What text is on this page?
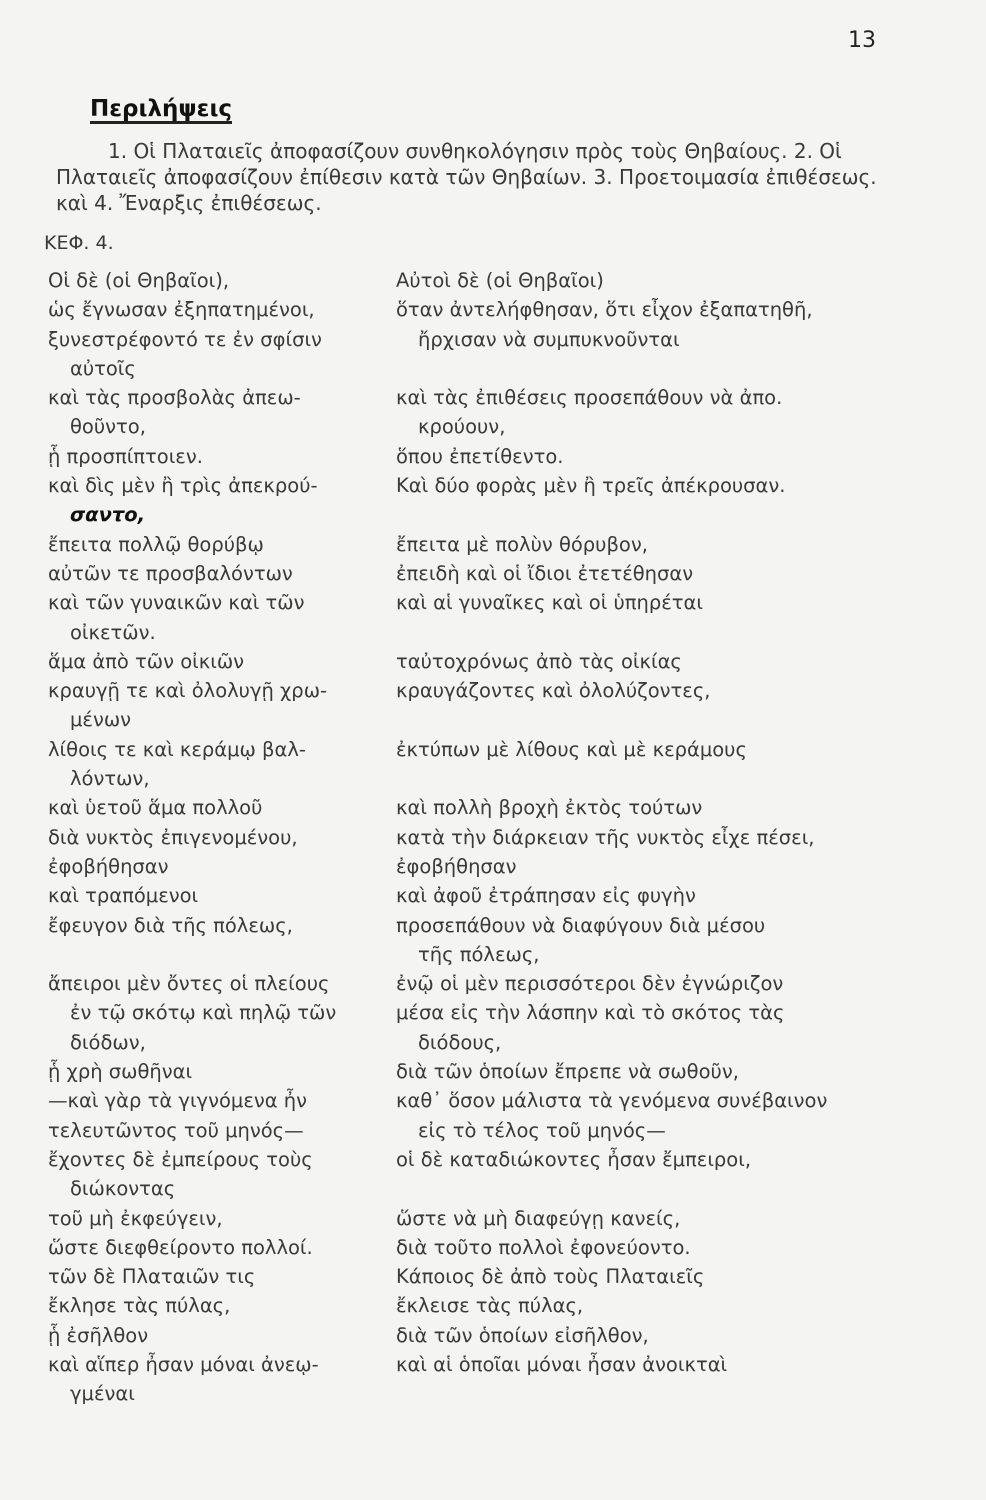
13
Περιλήψεις
1. Οἱ Πλαταιεῖς ἀποφασίζουν συνθηκολόγησιν πρὸς τοὺς Θηβαίους. 2. Οἱ Πλαταιεῖς ἀποφασίζουν ἐπίθεσιν κατὰ τῶν Θηβαίων. 3. Προετοιμασία ἐπιθέσεως. καὶ 4. Ἔναρξις ἐπιθέσεως.
ΚΕΦ. 4.
Οἱ δὲ (οἱ Θηβαῖοι),
ὡς ἔγνωσαν ἐξηπατημένοι,
ξυνεστρέφοντό τε ἐν σφίσιν
αὐτοῖς
καὶ τὰς προσβολὰς ἀπεω-
θοῦντο,
ᾗ προσπίπτοιεν.
καὶ δὶς μὲν ἢ τρὶς ἀπεκρού-
σαντο,
ἔπειτα πολλῷ θορύβῳ
αὐτῶν τε προσβαλόντων
καὶ τῶν γυναικῶν καὶ τῶν
οἰκετῶν.
ἅμα ἀπὸ τῶν οἰκιῶν
κραυγῇ τε καὶ ὀλολυγῇ χρω-
μένων
λίθοις τε καὶ κεράμῳ βαλ-
λόντων,
καὶ ὑετοῦ ἅμα πολλοῦ
διὰ νυκτὸς ἐπιγενομένου,
ἐφοβήθησαν
καὶ τραπόμενοι
ἔφευγον διὰ τῆς πόλεως,
ἄπειροι μὲν ὄντες οἱ πλείους
ἐν τῷ σκότῳ καὶ πηλῷ τῶν
διόδων,
ᾗ χρὴ σωθῆναι
—καὶ γὰρ τὰ γιγνόμενα ἦν
τελευτῶντος τοῦ μηνός—
ἔχοντες δὲ ἐμπείρους τοὺς
διώκοντας
τοῦ μὴ ἐκφεύγειν,
ὥστε διεφθείροντο πολλοί.
τῶν δὲ Πλαταιῶν τις
ἔκλησε τὰς πύλας,
ᾗ ἐσῆλθον
καὶ αἵπερ ἦσαν μόναι ἀνεῳ-
γμέναι
Αὐτοὶ δὲ (οἱ Θηβαῖοι)
ὅταν ἀντελήφθησαν, ὅτι εἶχον ἐξαπατηθῆ,
ἤρχισαν νὰ συμπυκνοῦνται
καὶ τὰς ἐπιθέσεις προσεπάθουν νὰ ἀπο.
κρούουν,
ὅπου ἐπετίθεντο.
Καὶ δύο φορὰς μὲν ἢ τρεῖς ἀπέκρουσαν.
ἔπειτα μὲ πολὺν θόρυβον,
ἐπειδὴ καὶ οἱ ἴδιοι ἐτετέθησαν
καὶ αἱ γυναῖκες καὶ οἱ ὑπηρέται
ταὐτοχρόνως ἀπὸ τὰς οἰκίας
κραυγάζοντες καὶ ὀλολύζοντες,
ἐκτύπων μὲ λίθους καὶ μὲ κεράμους
καὶ πολλὴ βροχὴ ἐκτὸς τούτων
κατὰ τὴν διάρκειαν τῆς νυκτὸς εἶχε πέσει,
ἐφοβήθησαν
καὶ ἀφοῦ ἐτράπησαν εἰς φυγὴν
προσεπάθουν νὰ διαφύγουν διὰ μέσου
τῆς πόλεως,
ἐνῷ οἱ μὲν περισσότεροι δὲν ἐγνώριζον
μέσα εἰς τὴν λάσπην καὶ τὸ σκότος τὰς
διόδους,
διὰ τῶν ὁποίων ἔπρεπε νὰ σωθοῦν,
καθ᾽ ὅσον μάλιστα τὰ γενόμενα συνέβαινον
εἰς τὸ τέλος τοῦ μηνός—
οἱ δὲ καταδιώκοντες ἦσαν ἔμπειροι,
ὥστε νὰ μὴ διαφεύγῃ κανείς,
διὰ τοῦτο πολλοὶ ἐφονεύοντο.
Κάποιος δὲ ἀπὸ τοὺς Πλαταιεῖς
ἔκλεισε τὰς πύλας,
διὰ τῶν ὁποίων εἰσῆλθον,
καὶ αἱ ὁποῖαι μόναι ἦσαν ἀνοικταὶ
